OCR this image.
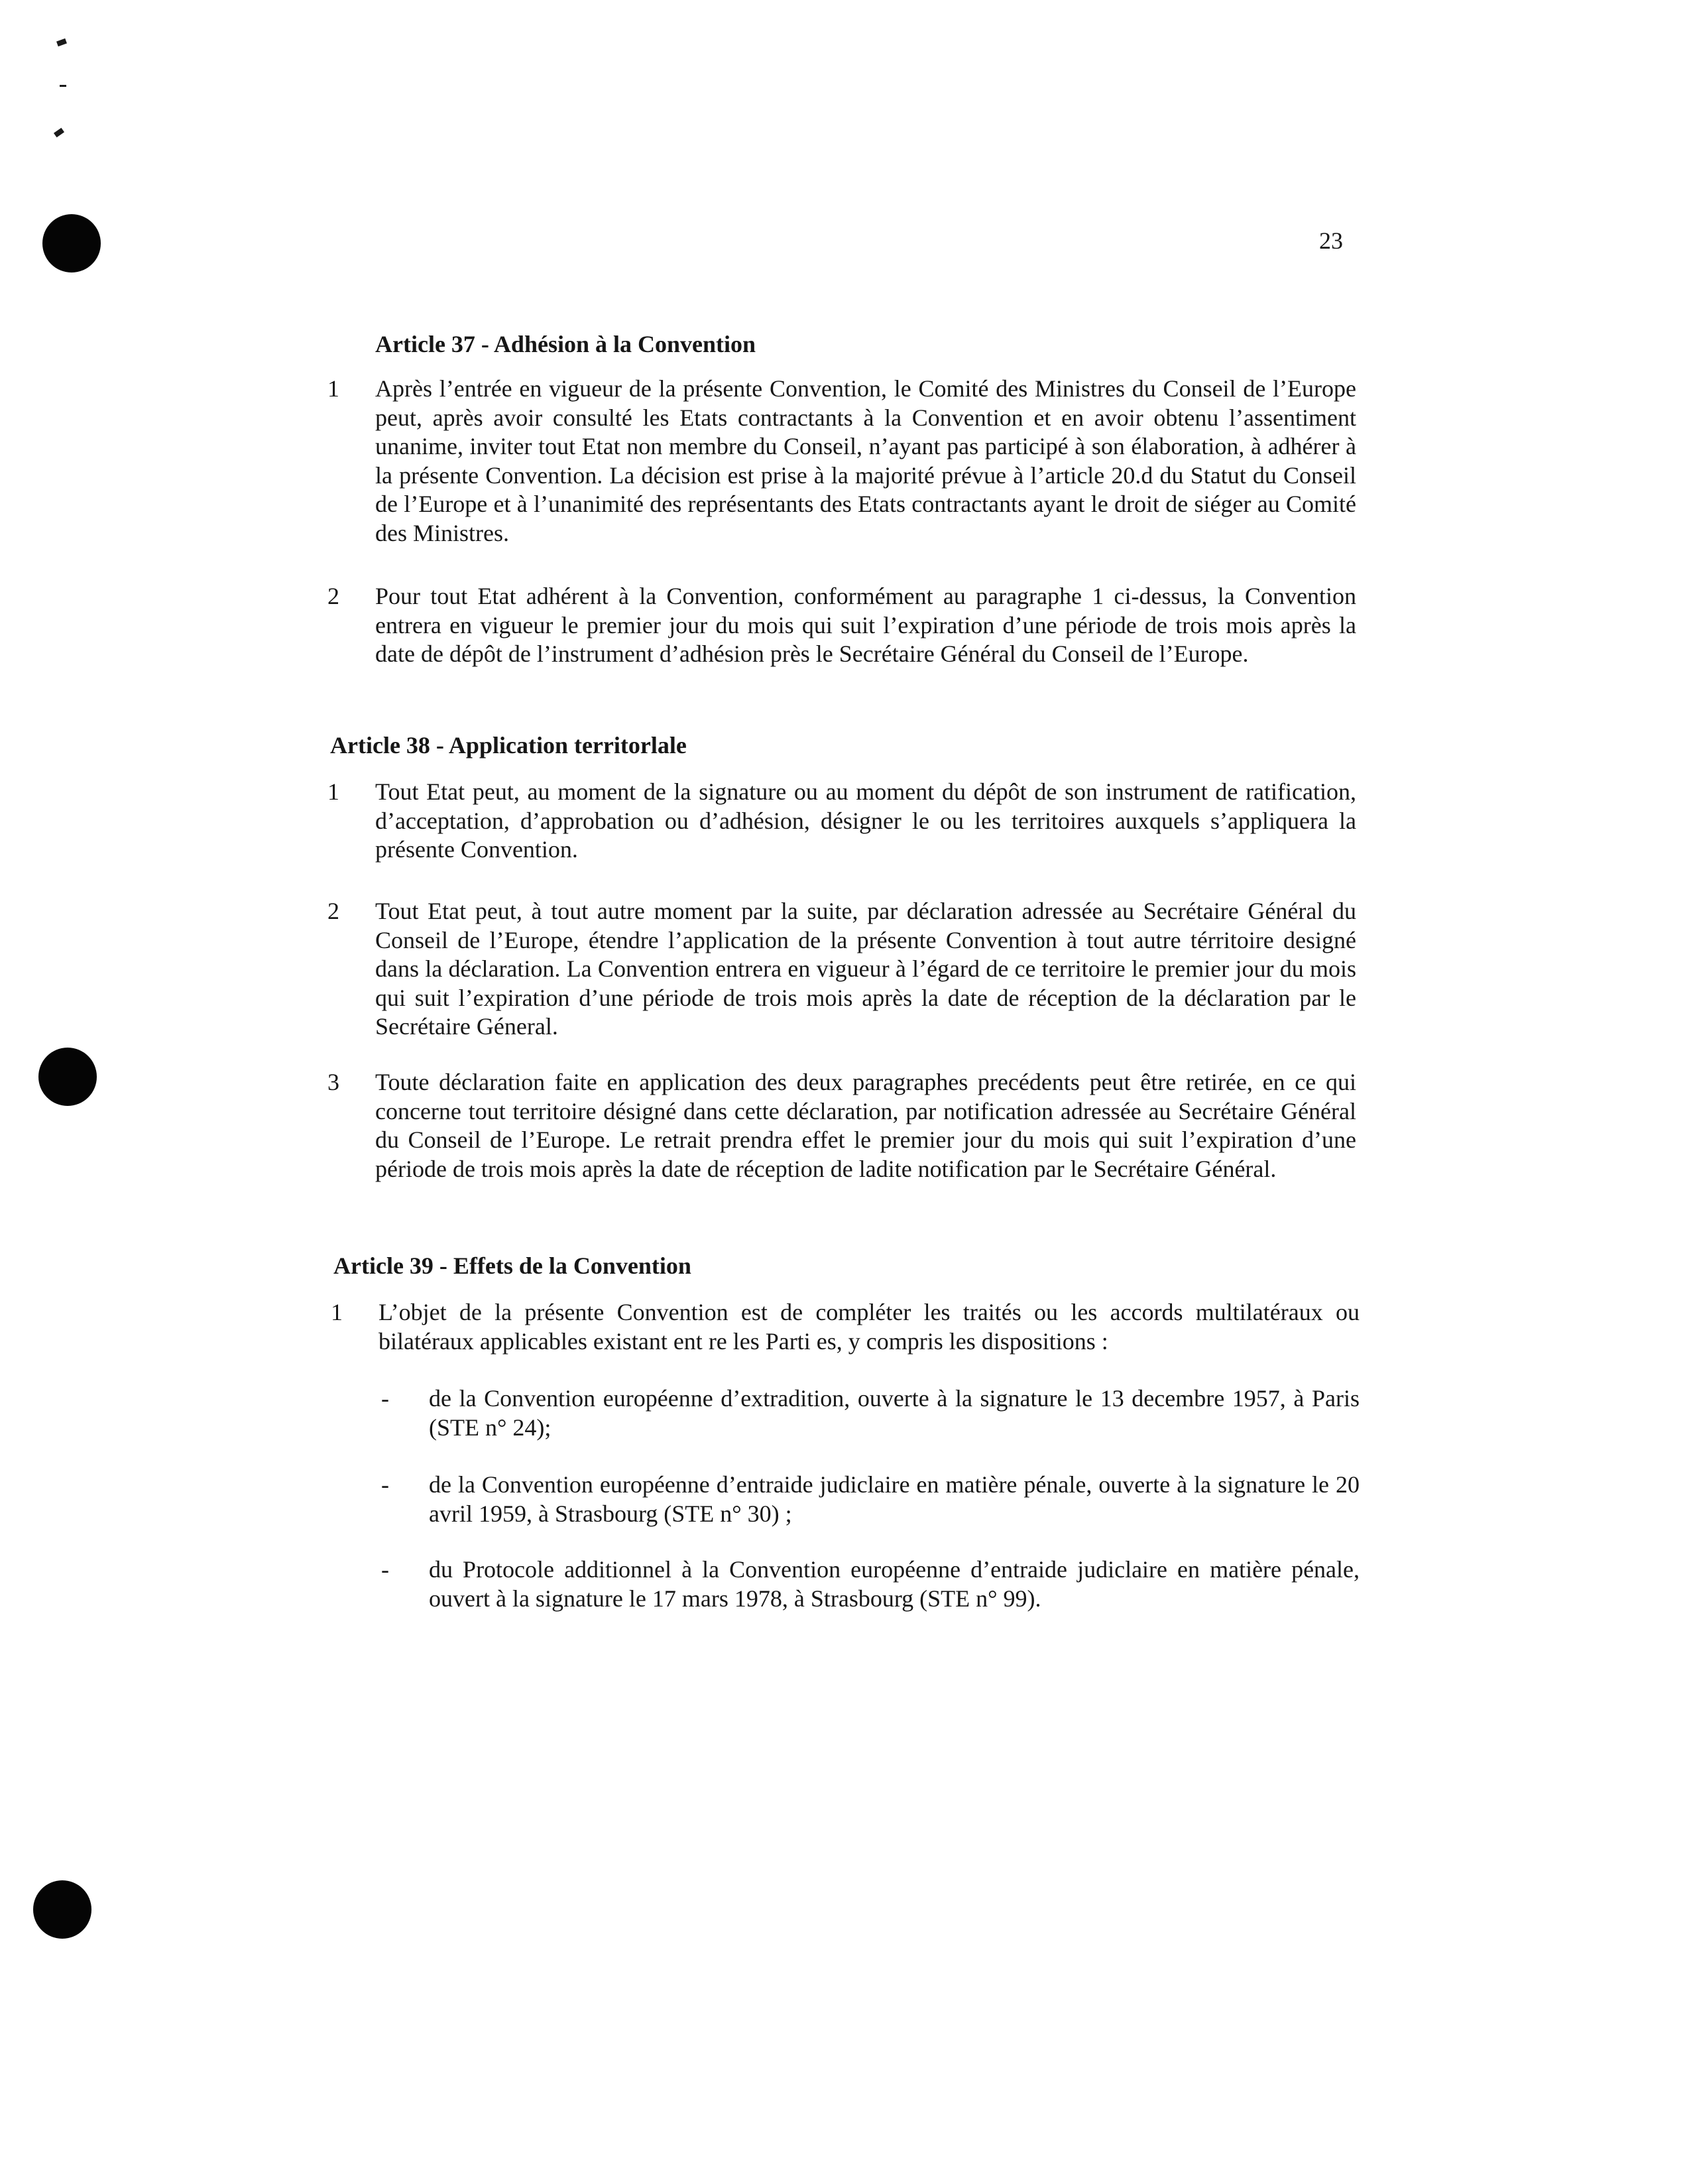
23
Article 37 - Adhésion à la Convention
1 Après l’entrée en vigueur de la présente Convention, le Comité des Ministres du Conseil de l’Europe peut, après avoir consulté les Etats contractants à la Convention et en avoir obtenu l’assentiment unanime, inviter tout Etat non membre du Conseil, n’ayant pas participé à son élaboration, à adhérer à la présente Convention. La décision est prise à la majorité prévue à l’article 20.d du Statut du Conseil de l’Europe et à l’unanimité des représentants des Etats contractants ayant le droit de siéger au Comité des Ministres.
2 Pour tout Etat adhérent à la Convention, conformément au paragraphe 1 ci-dessus, la Convention entrera en vigueur le premier jour du mois qui suit l’expiration d’une période de trois mois après la date de dépôt de l’instrument d’adhésion près le Secrétaire Général du Conseil de l’Europe.
Article 38 - Application territorlale
1 Tout Etat peut, au moment de la signature ou au moment du dépôt de son instrument de ratification, d’acceptation, d’approbation ou d’adhésion, désigner le ou les territoires auxquels s’appliquera la présente Convention.
2 Tout Etat peut, à tout autre moment par la suite, par déclaration adressée au Secrétaire Général du Conseil de l’Europe, étendre l’application de la présente Convention à tout autre térritoire designé dans la déclaration. La Convention entrera en vigueur à l’égard de ce territoire le premier jour du mois qui suit l’expiration d’une période de trois mois après la date de réception de la déclaration par le Secrétaire Géneral.
3 Toute déclaration faite en application des deux paragraphes precédents peut être retirée, en ce qui concerne tout territoire désigné dans cette déclaration, par notification adressée au Secrétaire Général du Conseil de l’Europe. Le retrait prendra effet le premier jour du mois qui suit l’expiration d’une période de trois mois après la date de réception de ladite notification par le Secrétaire Général.
Article 39 - Effets de la Convention
1 L’objet de la présente Convention est de compléter les traités ou les accords multilatéraux ou bilatéraux applicables existant ent re les Parti es, y compris les dispositions :
- de la Convention européenne d’extradition, ouverte à la signature le 13 decembre 1957, à Paris (STE n° 24);
- de la Convention européenne d’entraide judiclaire en matière pénale, ouverte à la signature le 20 avril 1959, à Strasbourg (STE n° 30) ;
- du Protocole additionnel à la Convention européenne d’entraide judiclaire en matière pénale, ouvert à la signature le 17 mars 1978, à Strasbourg (STE n° 99).
